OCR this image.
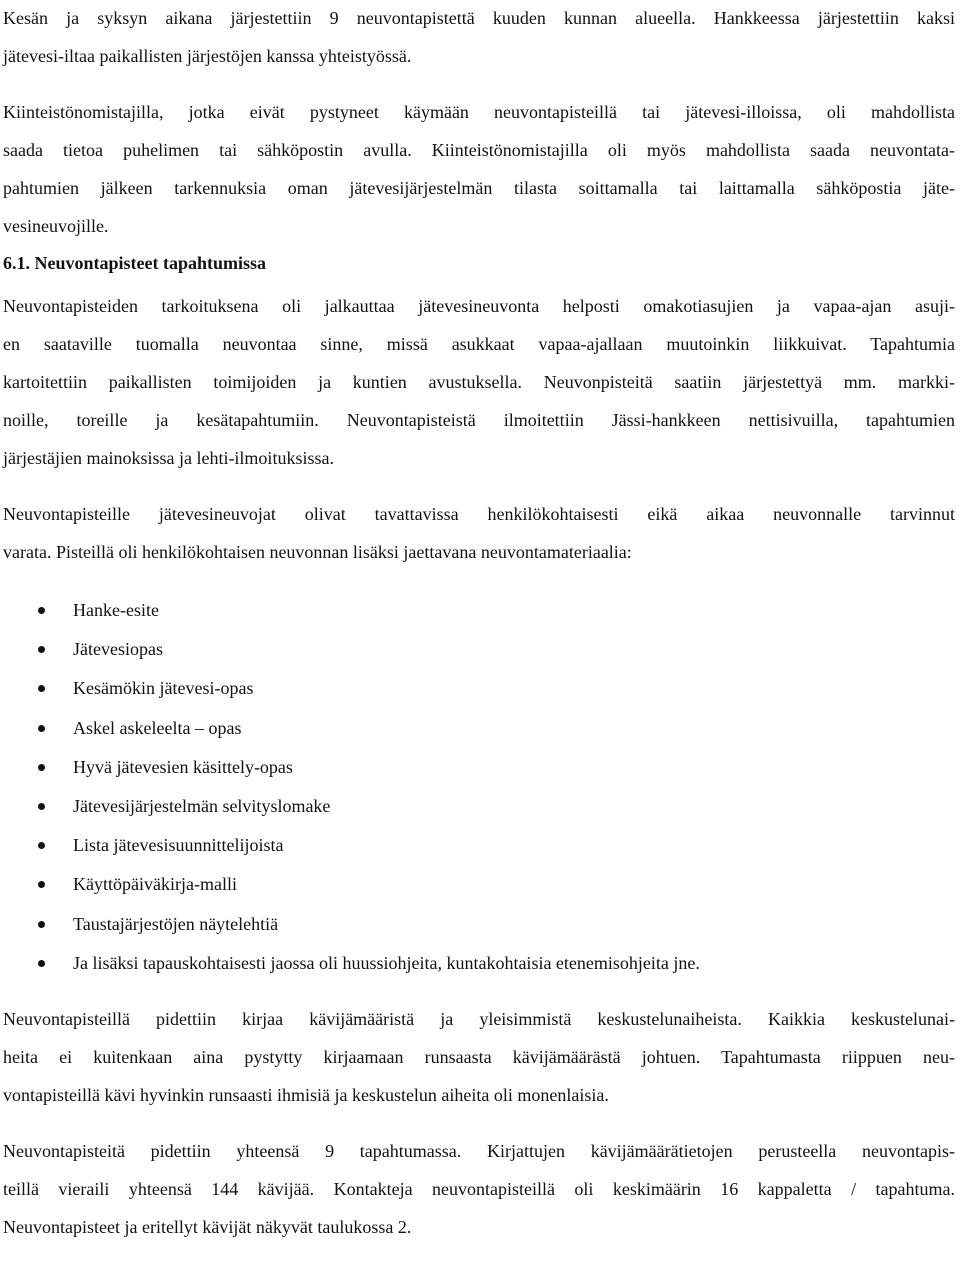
Kesän ja syksyn aikana järjestettiin 9 neuvontapistettä kuuden kunnan alueella. Hankkeessa järjestettiin kaksi
jätevesi-iltaa paikallisten järjestöjen kanssa yhteistyössä.
Kiinteistönomistajilla, jotka eivät pystyneet käymään neuvontapisteillä tai jätevesi-illoissa, oli mahdollista
saada tietoa puhelimen tai sähköpostin avulla. Kiinteistönomistajilla oli myös mahdollista saada neuvontata-
pahtumien jälkeen tarkennuksia oman jätevesijärjestelmän tilasta soittamalla tai laittamalla sähköpostia jäte-
vesineuvojille.
6.1. Neuvontapisteet tapahtumissa
Neuvontapisteiden tarkoituksena oli jalkauttaa jätevesineuvonta helposti omakotiasujien ja vapaa-ajan asuji-
en saataville tuomalla neuvontaa sinne, missä asukkaat vapaa-ajallaan muutoinkin liikkuivat. Tapahtumia
kartoitettiin paikallisten toimijoiden ja kuntien avustuksella. Neuvonpisteitä saatiin järjestettyä mm. markki-
noille, toreille ja kesätapahtumiin. Neuvontapisteistä ilmoitettiin Jässi-hankkeen nettisivuilla, tapahtumien
järjestäjien mainoksissa ja lehti-ilmoituksissa.
Neuvontapisteille jätevesineuvojat olivat tavattavissa henkilökohtaisesti eikä aikaa neuvonnalle tarvinnut
varata. Pisteillä oli henkilökohtaisen neuvonnan lisäksi jaettavana neuvontamateriaalia:
Hanke-esite
Jätevesiopas
Kesämökin jätevesi-opas
Askel askeleelta – opas
Hyvä jätevesien käsittely-opas
Jätevesijärjestelmän selvityslomake
Lista jätevesisuunnittelijoista
Käyttöpäiväkirja-malli
Taustajärjestöjen näytelehtiä
Ja lisäksi tapauskohtaisesti jaossa oli huussiohjeita, kuntakohtaisia etenemisohjeita jne.
Neuvontapisteillä pidettiin kirjaa kävijämääristä ja yleisimmistä keskustelunaiheista. Kaikkia keskustelunai-
heita ei kuitenkaan aina pystytty kirjaamaan runsaasta kävijämäärästä johtuen. Tapahtumasta riippuen neu-
vontapisteillä kävi hyvinkin runsaasti ihmisiä ja keskustelun aiheita oli monenlaisia.
Neuvontapisteitä pidettiin yhteensä 9 tapahtumassa. Kirjattujen kävijämäärätietojen perusteella neuvontapis-
teillä vieraili yhteensä 144 kävijää. Kontakteja neuvontapisteillä oli keskimäärin 16 kappaletta / tapahtuma.
Neuvontapisteet ja eritellyt kävijät näkyvät taulukossa 2.
